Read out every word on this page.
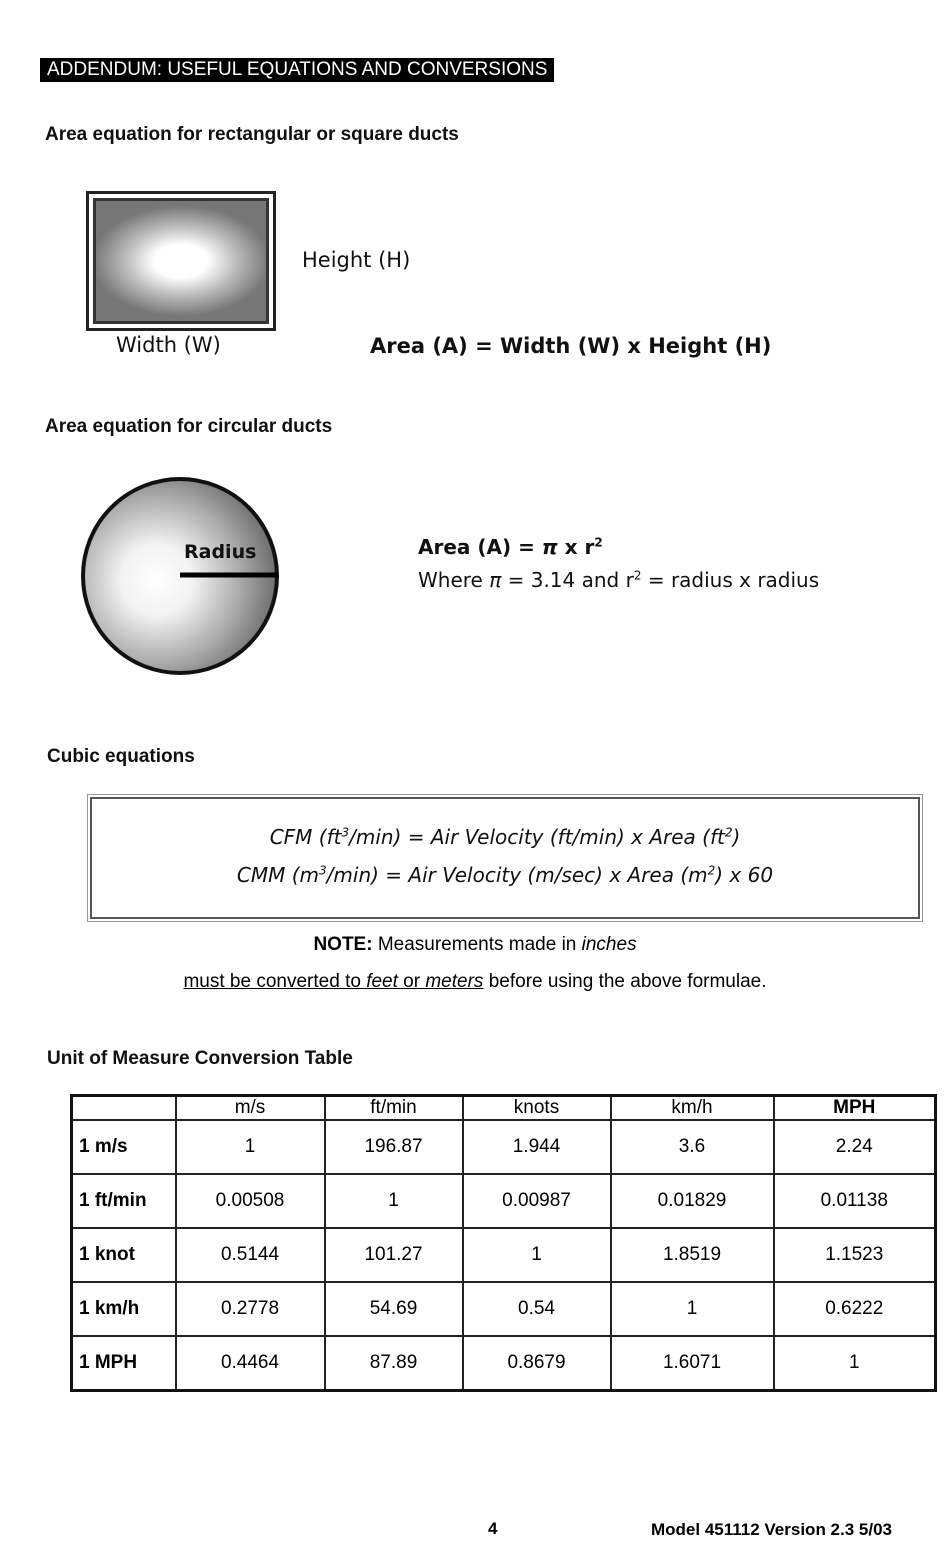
ADDENDUM: USEFUL EQUATIONS AND CONVERSIONS
Area equation for rectangular or square ducts
Height (H)
Width (W)	Area (A) = Width (W) x Height (H)
Area equation for circular ducts
Radius	Area (A) = π x $r^2$
Where π = 3.14 and $r^2$ = radius x radius
Cubic equations
CFM $(ft^3/\min)$ = Air Velocity (ft/min) x Area $(ft^2)$
CMM $(m^3/\min)$ = Air Velocity (m/sec) x Area $(m^2)$ x 60
NOTE: Measurements made in inches
must be converted to feet or meters before using the above formulae.
Unit of Measure Conversion Table
	m/s	ft/min	knots	km/h	MPH
1 m/s	1	196.87	1.944	3.6	2.24
1 ft/min	0.00508	1	0.00987	0.01829	0.01138
1 knot	0.5144	101.27	1	1.8519	1.1523
1 km/h	0.2778	54.69	0.54	1	0.6222
1 MPH	0.4464	87.89	0.8679	1.6071	1
4	Model 451112 Version 2.3 5/03
